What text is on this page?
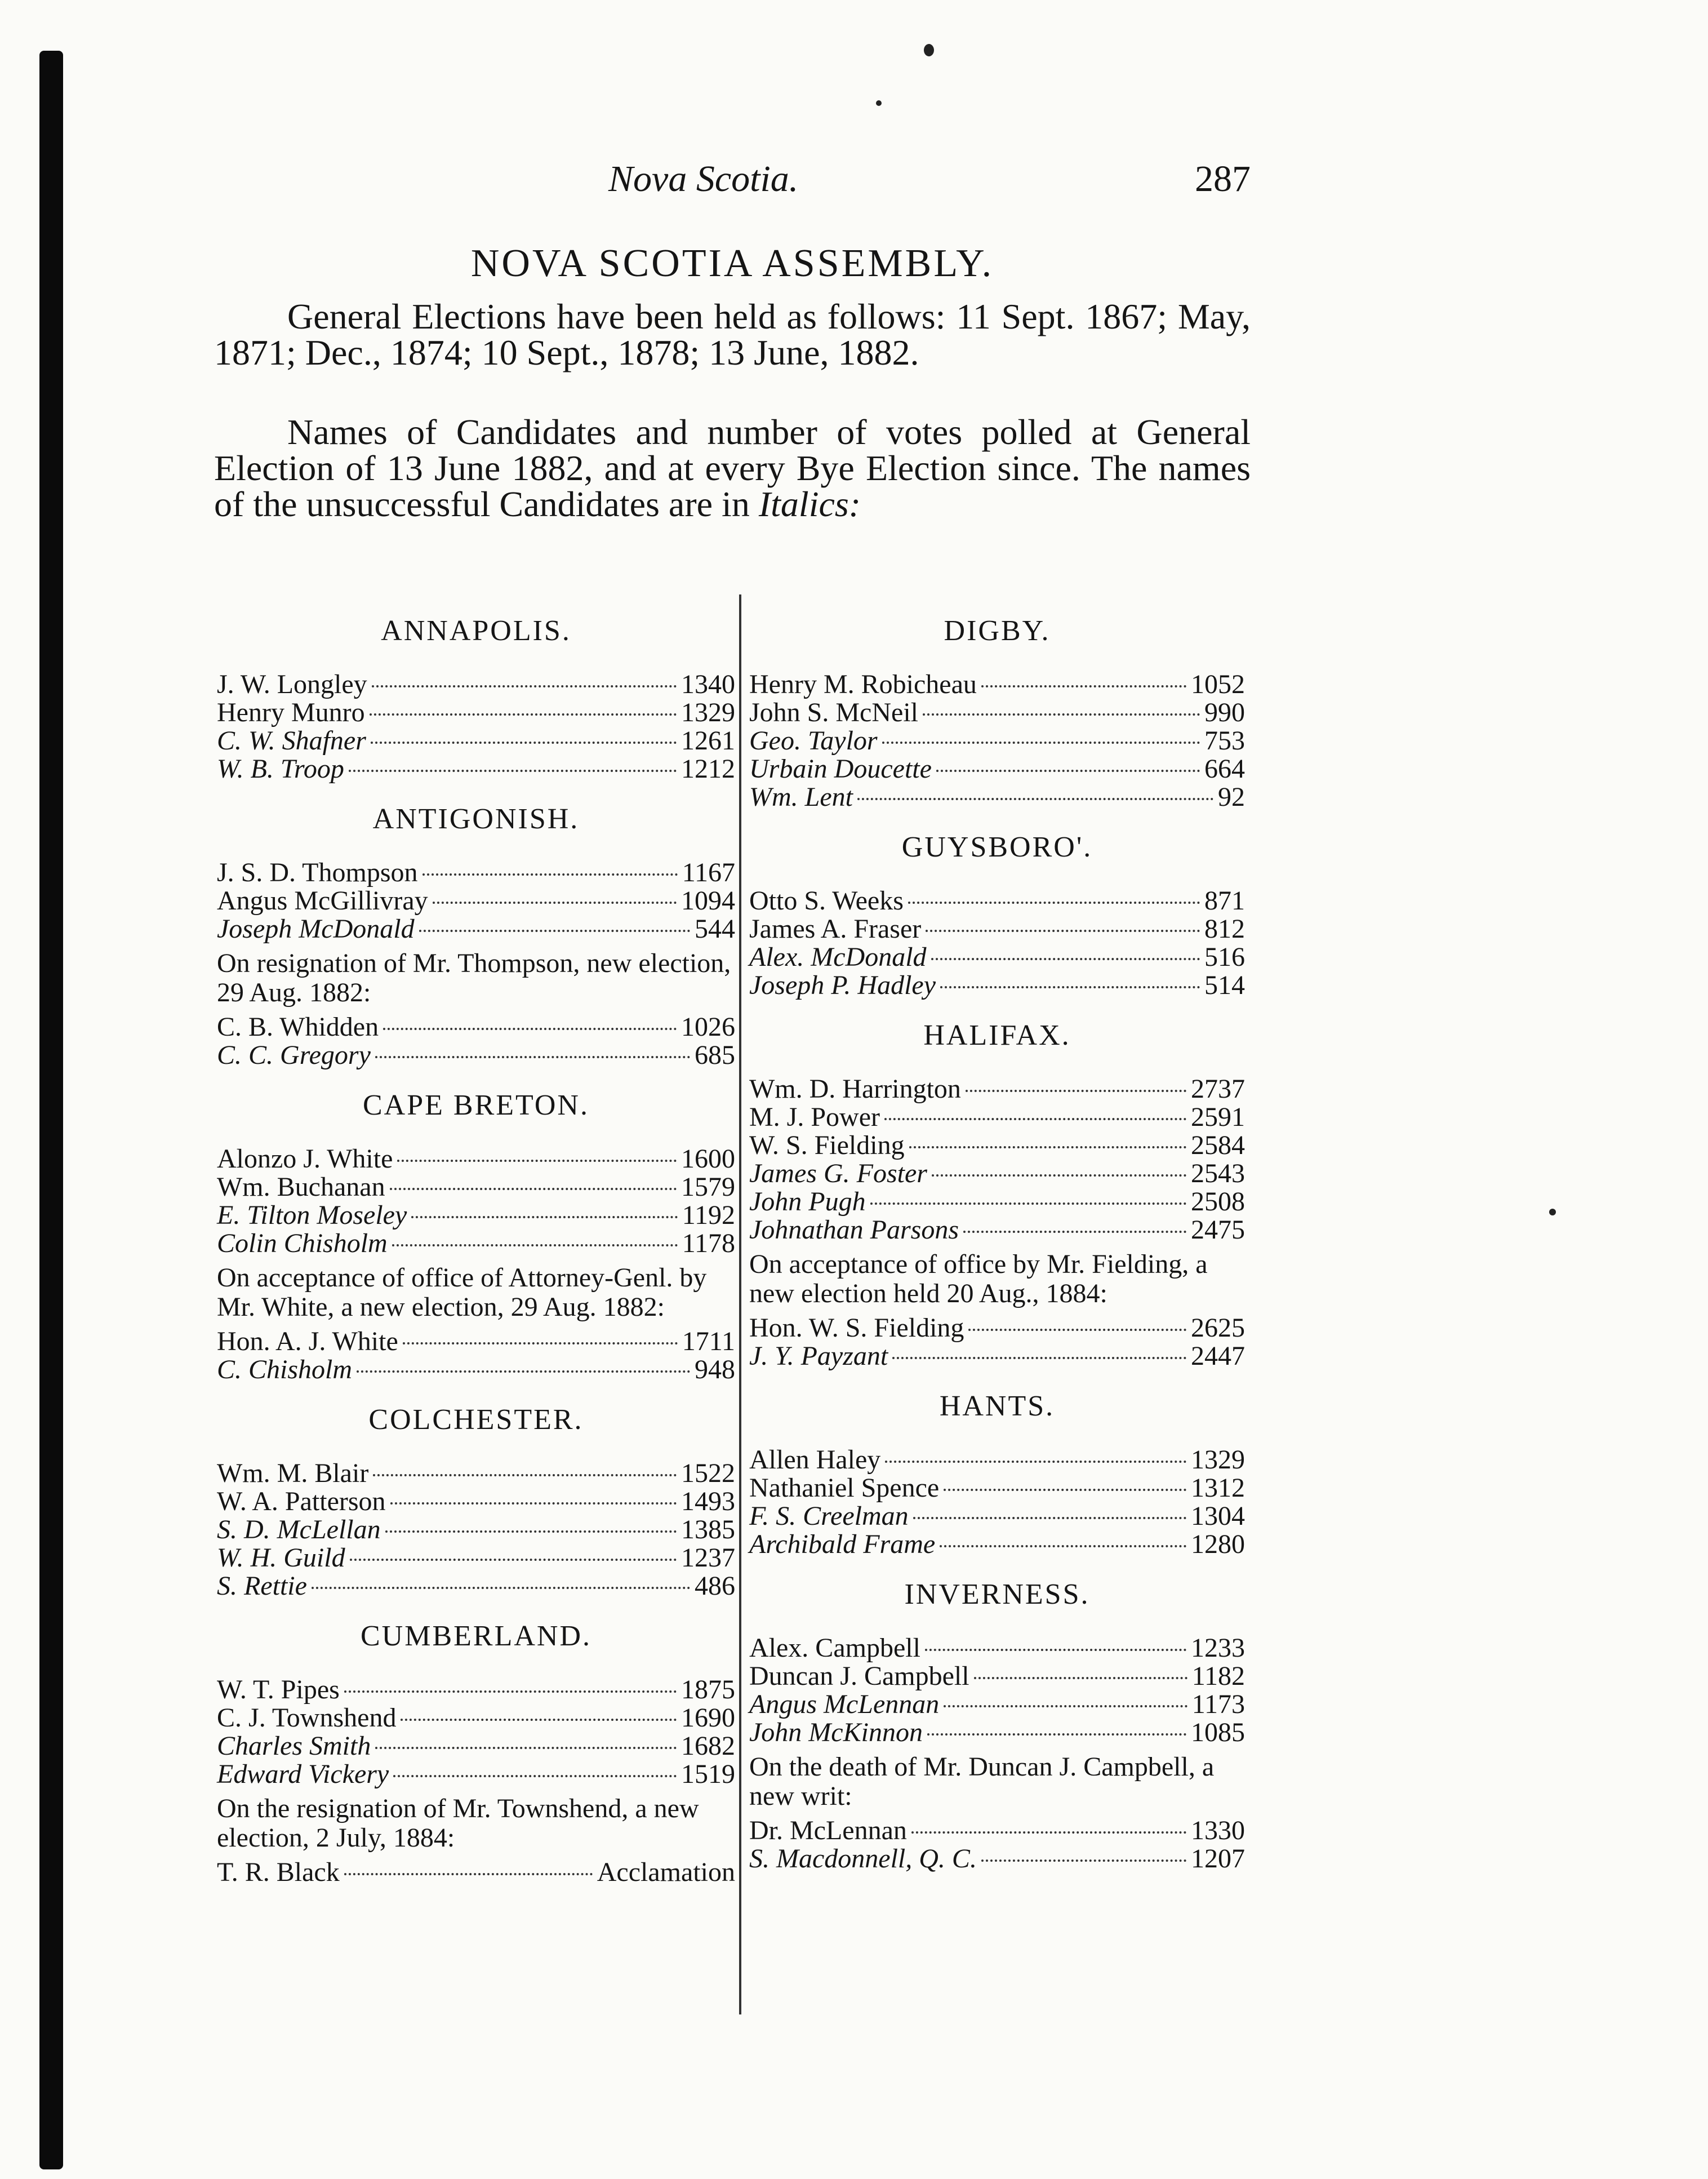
Nova Scotia.	287
NOVA SCOTIA ASSEMBLY.

General Elections have been held as follows: 11 Sept. 1867; May, 1871; Dec., 1874; 10 Sept., 1878; 13 June, 1882.

Names of Candidates and number of votes polled at General Election of 13 June 1882, and at every Bye Election since. The names of the unsuccessful Candidates are in Italics:

ANNAPOLIS.
J. W. Longley	1340
Henry Munro	1329
C. W. Shafner	1261
W. B. Troop	1212
ANTIGONISH.
J. S. D. Thompson	1167
Angus McGillivray	1094
Joseph McDonald	544
On resignation of Mr. Thompson, new election, 29 Aug. 1882:
C. B. Whidden	1026
C. C. Gregory	685
CAPE BRETON.
Alonzo J. White	1600
Wm. Buchanan	1579
E. Tilton Moseley	1192
Colin Chisholm	1178
On acceptance of office of Attorney-Genl. by Mr. White, a new election, 29 Aug. 1882:
Hon. A. J. White	1711
C. Chisholm	948
COLCHESTER.
Wm. M. Blair	1522
W. A. Patterson	1493
S. D. McLellan	1385
W. H. Guild	1237
S. Rettie	486
CUMBERLAND.
W. T. Pipes	1875
C. J. Townshend	1690
Charles Smith	1682
Edward Vickery	1519
On the resignation of Mr. Townshend, a new election, 2 July, 1884:
T. R. Black	Acclamation
DIGBY.
Henry M. Robicheau	1052
John S. McNeil	990
Geo. Taylor	753
Urbain Doucette	664
Wm. Lent	92
GUYSBORO'.
Otto S. Weeks	871
James A. Fraser	812
Alex. McDonald	516
Joseph P. Hadley	514
HALIFAX.
Wm. D. Harrington	2737
M. J. Power	2591
W. S. Fielding	2584
James G. Foster	2543
John Pugh	2508
Johnathan Parsons	2475
On acceptance of office by Mr. Fielding, a new election held 20 Aug., 1884:
Hon. W. S. Fielding	2625
J. Y. Payzant	2447
HANTS.
Allen Haley	1329
Nathaniel Spence	1312
F. S. Creelman	1304
Archibald Frame	1280
INVERNESS.
Alex. Campbell	1233
Duncan J. Campbell	1182
Angus McLennan	1173
John McKinnon	1085
On the death of Mr. Duncan J. Campbell, a new writ:
Dr. McLennan	1330
S. Macdonnell, Q. C.	1207
